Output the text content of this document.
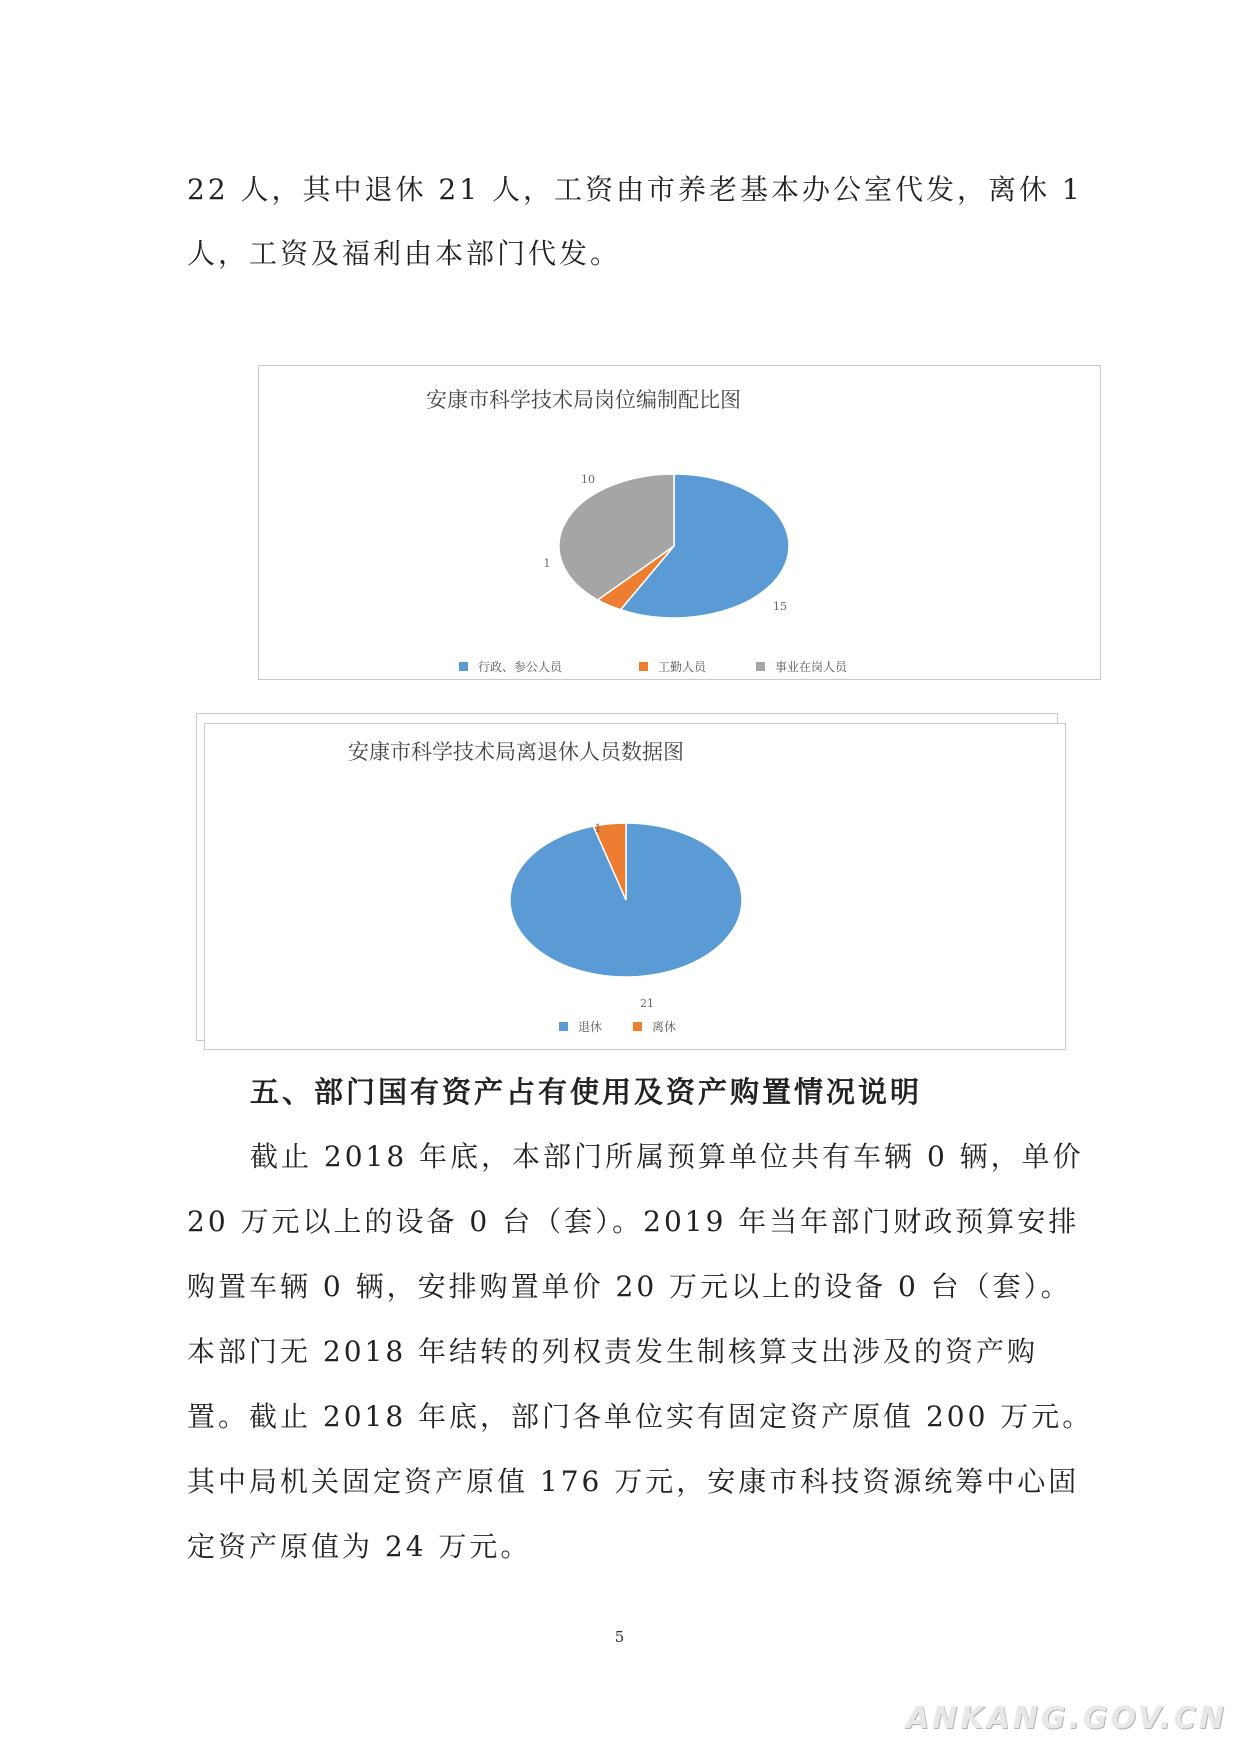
22 人，其中退休 21 人，工资由市养老基本办公室代发，离休 1
人，工资及福利由本部门代发。
安康市科学技术局岗位编制配比图
15
1
10
行政、参公人员	工勤人员	事业在岗人员
安康市科学技术局离退休人员数据图
21
1
退休	离休
五、部门国有资产占有使用及资产购置情况说明
截止 2018 年底，本部门所属预算单位共有车辆 0 辆，单价
20 万元以上的设备 0 台（套）。2019 年当年部门财政预算安排
购置车辆 0 辆，安排购置单价 20 万元以上的设备 0 台（套）。
本部门无 2018 年结转的列权责发生制核算支出涉及的资产购
置。截止 2018 年底，部门各单位实有固定资产原值 200 万元。
其中局机关固定资产原值 176 万元，安康市科技资源统筹中心固
定资产原值为 24 万元。
5
ANKANG.GOV.CN
